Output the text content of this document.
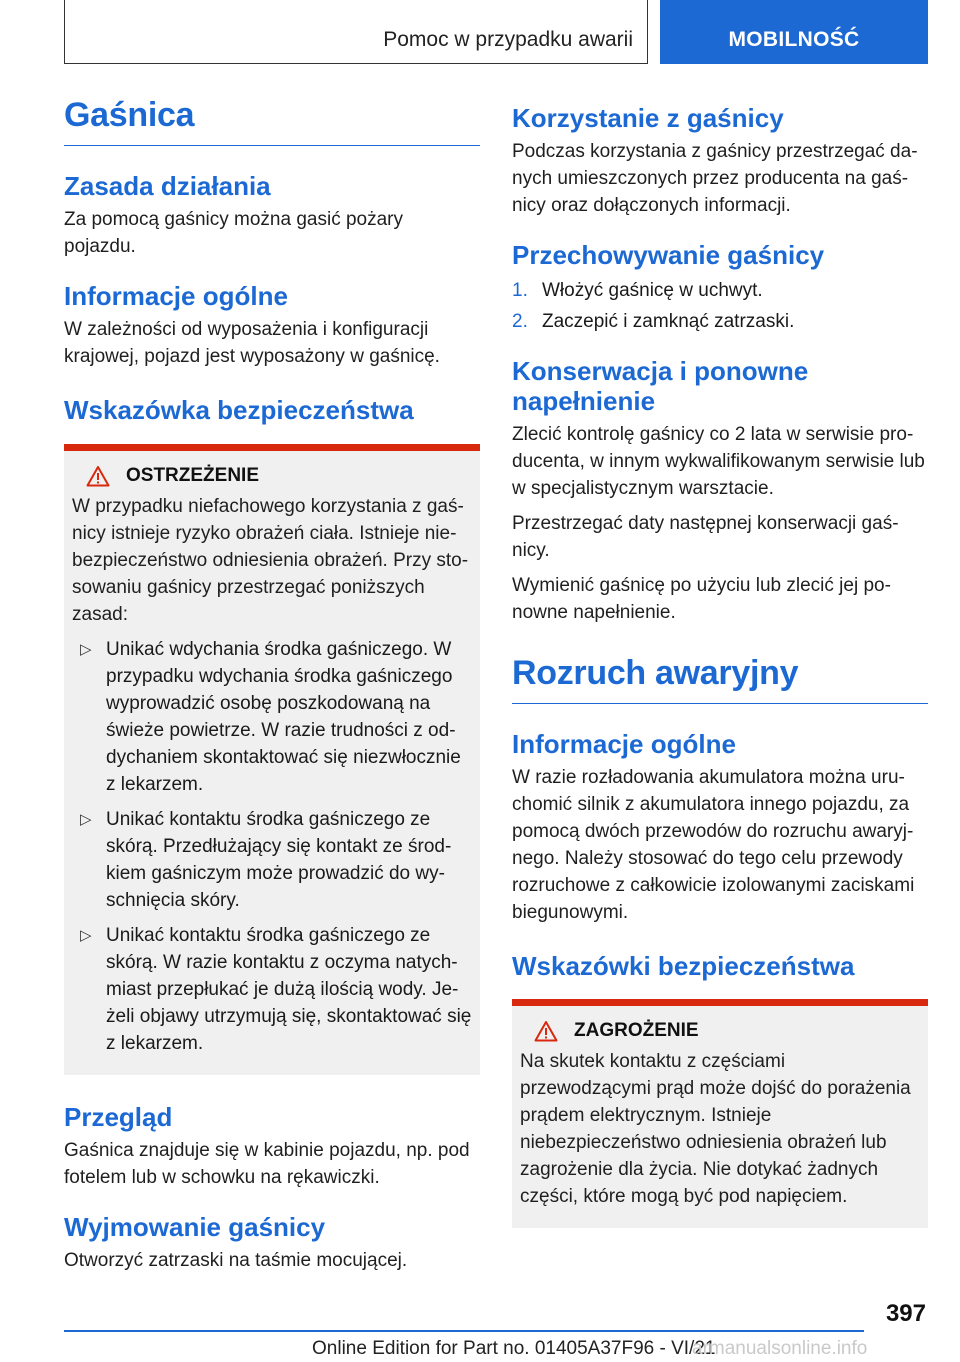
Pomoc w przypadku awarii	MOBILNOŚĆ
Gaśnica
Zasada działania
Za pomocą gaśnicy można gasić pożary pojazdu.
Informacje ogólne
W zależności od wyposażenia i konfiguracji krajowej, pojazd jest wyposażony w gaśnicę.
Wskazówka bezpieczeństwa
OSTRZEŻENIE
W przypadku niefachowego korzystania z gaśnicy istnieje ryzyko obrażeń ciała. Istnieje niebezpieczeństwo odniesienia obrażeń. Przy stosowaniu gaśnicy przestrzegać poniższych zasad:
▷ Unikać wdychania środka gaśniczego. W przypadku wdychania środka gaśniczego wyprowadzić osobę poszkodowaną na świeże powietrze. W razie trudności z oddychaniem skontaktować się niezwłocznie z lekarzem.
▷ Unikać kontaktu środka gaśniczego ze skórą. Przedłużający się kontakt ze środkiem gaśniczym może prowadzić do wyschnięcia skóry.
▷ Unikać kontaktu środka gaśniczego ze skórą. W razie kontaktu z oczyma natychmiast przepłukać je dużą ilością wody. Jeżeli objawy utrzymują się, skontaktować się z lekarzem.
Przegląd
Gaśnica znajduje się w kabinie pojazdu, np. pod fotelem lub w schowku na rękawiczki.
Wyjmowanie gaśnicy
Otworzyć zatrzaski na taśmie mocującej.
Korzystanie z gaśnicy
Podczas korzystania z gaśnicy przestrzegać danych umieszczonych przez producenta na gaśnicy oraz dołączonych informacji.
Przechowywanie gaśnicy
1. Włożyć gaśnicę w uchwyt.
2. Zaczepić i zamknąć zatrzaski.
Konserwacja i ponowne napełnienie
Zlecić kontrolę gaśnicy co 2 lata w serwisie producenta, w innym wykwalifikowanym serwisie lub w specjalistycznym warsztacie.
Przestrzegać daty następnej konserwacji gaśnicy.
Wymienić gaśnicę po użyciu lub zlecić jej ponowne napełnienie.
Rozruch awaryjny
Informacje ogólne
W razie rozładowania akumulatora można uruchomić silnik z akumulatora innego pojazdu, za pomocą dwóch przewodów do rozruchu awaryjnego. Należy stosować do tego celu przewody rozruchowe z całkowicie izolowanymi zaciskami biegunowymi.
Wskazówki bezpieczeństwa
ZAGROŻENIE
Na skutek kontaktu z częściami przewodzącymi prąd może dojść do porażenia prądem elektrycznym. Istnieje niebezpieczeństwo odniesienia obrażeń lub zagrożenie dla życia. Nie dotykać żadnych części, które mogą być pod napięciem.
397
Online Edition for Part no. 01405A37F96 - VI/21
armanualsonline.info
